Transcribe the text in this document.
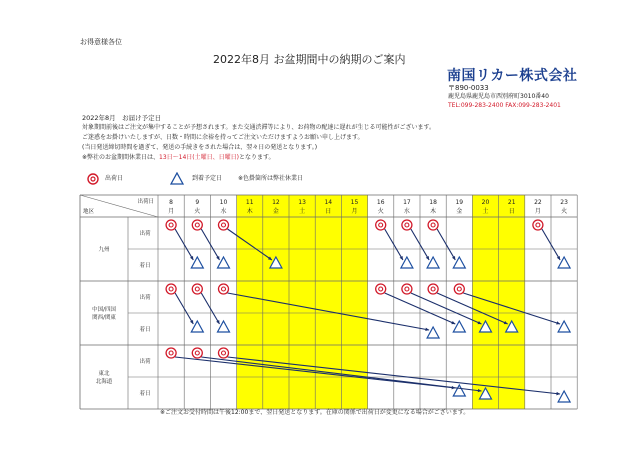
お得意様各位
2022年8月 お盆期間中の納期のご案内
南国リカー株式会社
〒890-0033
鹿児島県鹿児島市西別府町3010番40
TEL:099-283-2400 FAX:099-283-2401
2022年8月　お届け予定日
対象期間前後はご注文が集中することが予想されます。また交通渋滞等により、お荷物の配達に遅れが生じる可能性がございます。
ご迷惑をお掛けいたしますが、日数・時間に余裕を持ってご注文いただけますようお願い申し上げます。
(当日発送締切時間を過ぎて、発送の手続きをされた場合は、翌々日の発送となります。)
※弊社のお盆期間休業日は、13日～14日(土曜日、日曜日)となります。
出荷日	到着予定日	※色掛箇所は弊社休業日
出荷日
地区
8
月
9
火
10
水
11
木
12
金
13
土
14
日
15
月
16
火
17
水
18
木
19
金
20
土
21
日
22
月
23
火
九州
出荷
着日
中国/四国
関西/関東
出荷
着日
東北
北海道
出荷
着日
※ご注文お受付時間は午後12:00まで、翌日発送となります。在庫の関係で出荷日が変更になる場合がございます。
